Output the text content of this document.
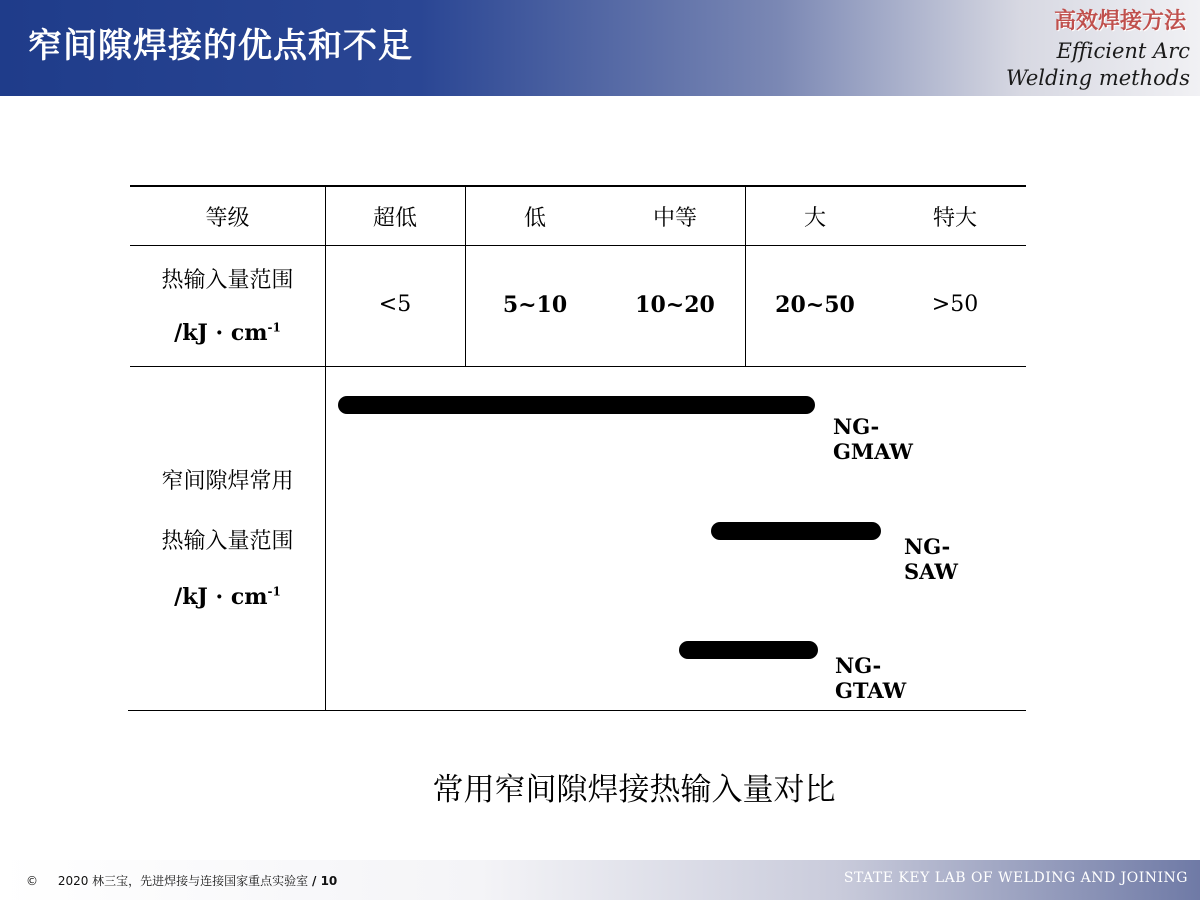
窄间隙焊接的优点和不足
高效焊接方法
Efficient Arc
Welding methods
等级	超低	低	中等	大	特大
热输入量范围
$/kJ \cdot cm^{-1}$
<5	5~10	10~20	20~50	>50
窄间隙焊常用
热输入量范围
$/kJ \cdot cm^{-1}$
NG-GMAW
NG-SAW
NG-GTAW
常用窄间隙焊接热输入量对比
© 2020 林三宝，先进焊接与连接国家重点实验室 / 10	STATE KEY LAB OF WELDING AND JOINING
